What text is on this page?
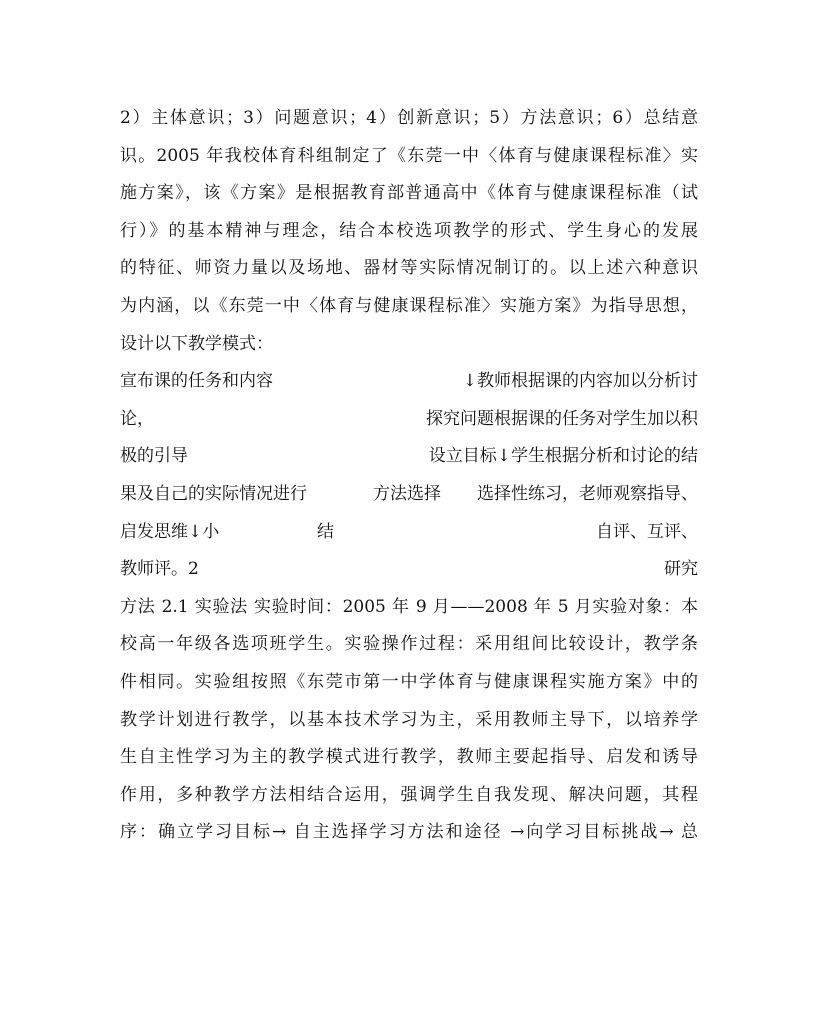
2）主体意识；3）问题意识；4）创新意识；5）方法意识；6）总结意
识。2005 年我校体育科组制定了《东莞一中〈体育与健康课程标准〉实
施方案》，该《方案》是根据教育部普通高中《体育与健康课程标准（试
行）》的基本精神与理念，结合本校选项教学的形式、学生身心的发展
的特征、师资力量以及场地、器材等实际情况制订的。以上述六种意识
为内涵，以《东莞一中〈体育与健康课程标准〉实施方案》为指导思想，
设计以下教学模式：
宣布课的任务和内容	↓教师根据课的内容加以分析讨
论，	探究问题根据课的任务对学生加以积
极的引导	设立目标↓学生根据分析和讨论的结
果及自己的实际情况进行	方法选择 选择性练习，老师观察指导、
启发思维↓小	结	自评、互评、
教师评。2	研究
方法 2.1 实验法 实验时间：2005 年 9 月——2008 年 5 月实验对象：本
校高一年级各选项班学生。实验操作过程：采用组间比较设计，教学条
件相同。实验组按照《东莞市第一中学体育与健康课程实施方案》中的
教学计划进行教学，以基本技术学习为主，采用教师主导下，以培养学
生自主性学习为主的教学模式进行教学，教师主要起指导、启发和诱导
作用，多种教学方法相结合运用，强调学生自我发现、解决问题，其程
序：确立学习目标→ 自主选择学习方法和途径 →向学习目标挑战→ 总
